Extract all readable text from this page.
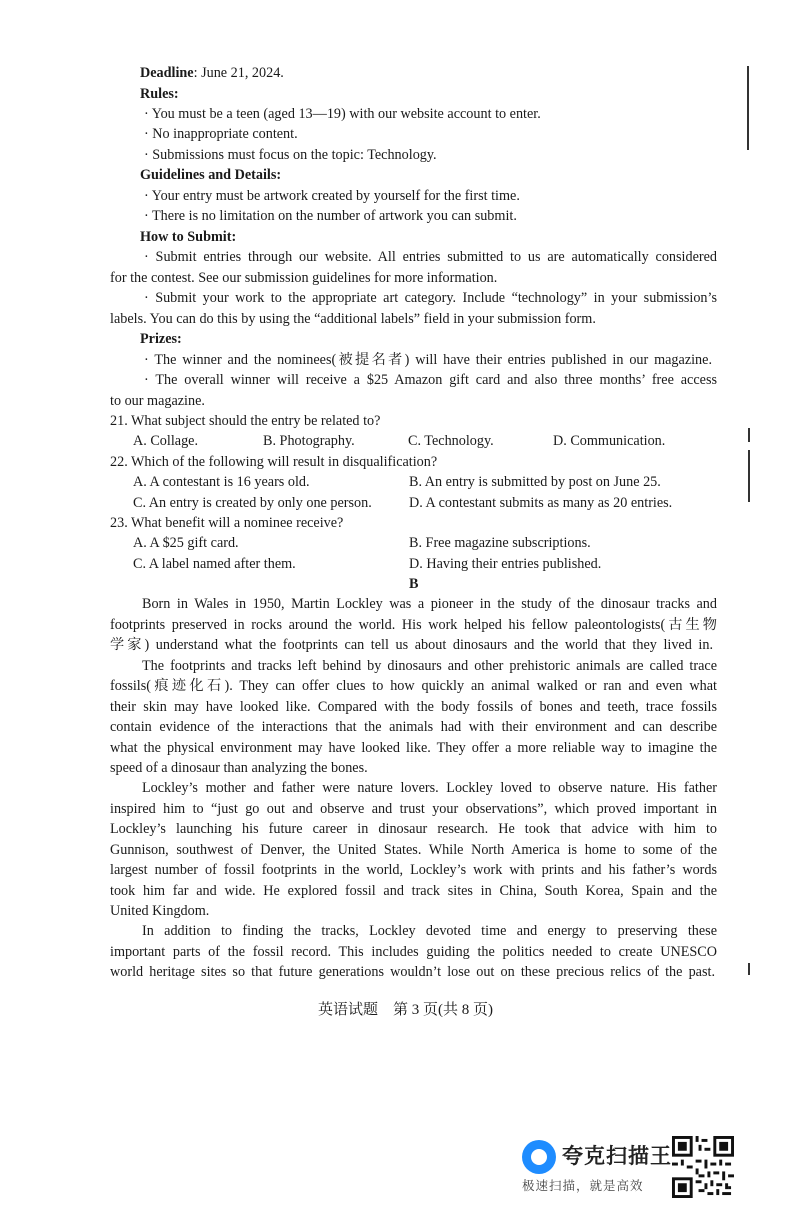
Deadline: June 21, 2024.
Rules:
· You must be a teen (aged 13—19) with our website account to enter.
· No inappropriate content.
· Submissions must focus on the topic: Technology.
Guidelines and Details:
· Your entry must be artwork created by yourself for the first time.
· There is no limitation on the number of artwork you can submit.
How to Submit:
· Submit entries through our website. All entries submitted to us are automatically considered
for the contest. See our submission guidelines for more information.
· Submit your work to the appropriate art category. Include “technology” in your submission’s
labels. You can do this by using the “additional labels” field in your submission form.
Prizes:
· The winner and the nominees(被提名者) will have their entries published in our magazine.
· The overall winner will receive a $25 Amazon gift card and also three months’ free access
to our magazine.
21. What subject should the entry be related to?
A. Collage.	B. Photography.	C. Technology.	D. Communication.
22. Which of the following will result in disqualification?
A. A contestant is 16 years old.	B. An entry is submitted by post on June 25.
C. An entry is created by only one person.	D. A contestant submits as many as 20 entries.
23. What benefit will a nominee receive?
A. A $25 gift card.	B. Free magazine subscriptions.
C. A label named after them.	D. Having their entries published.
B
Born in Wales in 1950, Martin Lockley was a pioneer in the study of the dinosaur tracks and
footprints preserved in rocks around the world. His work helped his fellow paleontologists(古生物
学家) understand what the footprints can tell us about dinosaurs and the world that they lived in.
The footprints and tracks left behind by dinosaurs and other prehistoric animals are called trace
fossils(痕迹化石). They can offer clues to how quickly an animal walked or ran and even what
their skin may have looked like. Compared with the body fossils of bones and teeth, trace fossils
contain evidence of the interactions that the animals had with their environment and can describe
what the physical environment may have looked like. They offer a more reliable way to imagine the
speed of a dinosaur than analyzing the bones.
Lockley’s mother and father were nature lovers. Lockley loved to observe nature. His father
inspired him to “just go out and observe and trust your observations”, which proved important in
Lockley’s launching his future career in dinosaur research. He took that advice with him to
Gunnison, southwest of Denver, the United States. While North America is home to some of the
largest number of fossil footprints in the world, Lockley’s work with prints and his father’s words
took him far and wide. He explored fossil and track sites in China, South Korea, Spain and the
United Kingdom.
In addition to finding the tracks, Lockley devoted time and energy to preserving these
important parts of the fossil record. This includes guiding the politics needed to create UNESCO
world heritage sites so that future generations wouldn’t lose out on these precious relics of the past.
英语试题　第 3 页(共 8 页)
夸克扫描王
极速扫描，就是高效
